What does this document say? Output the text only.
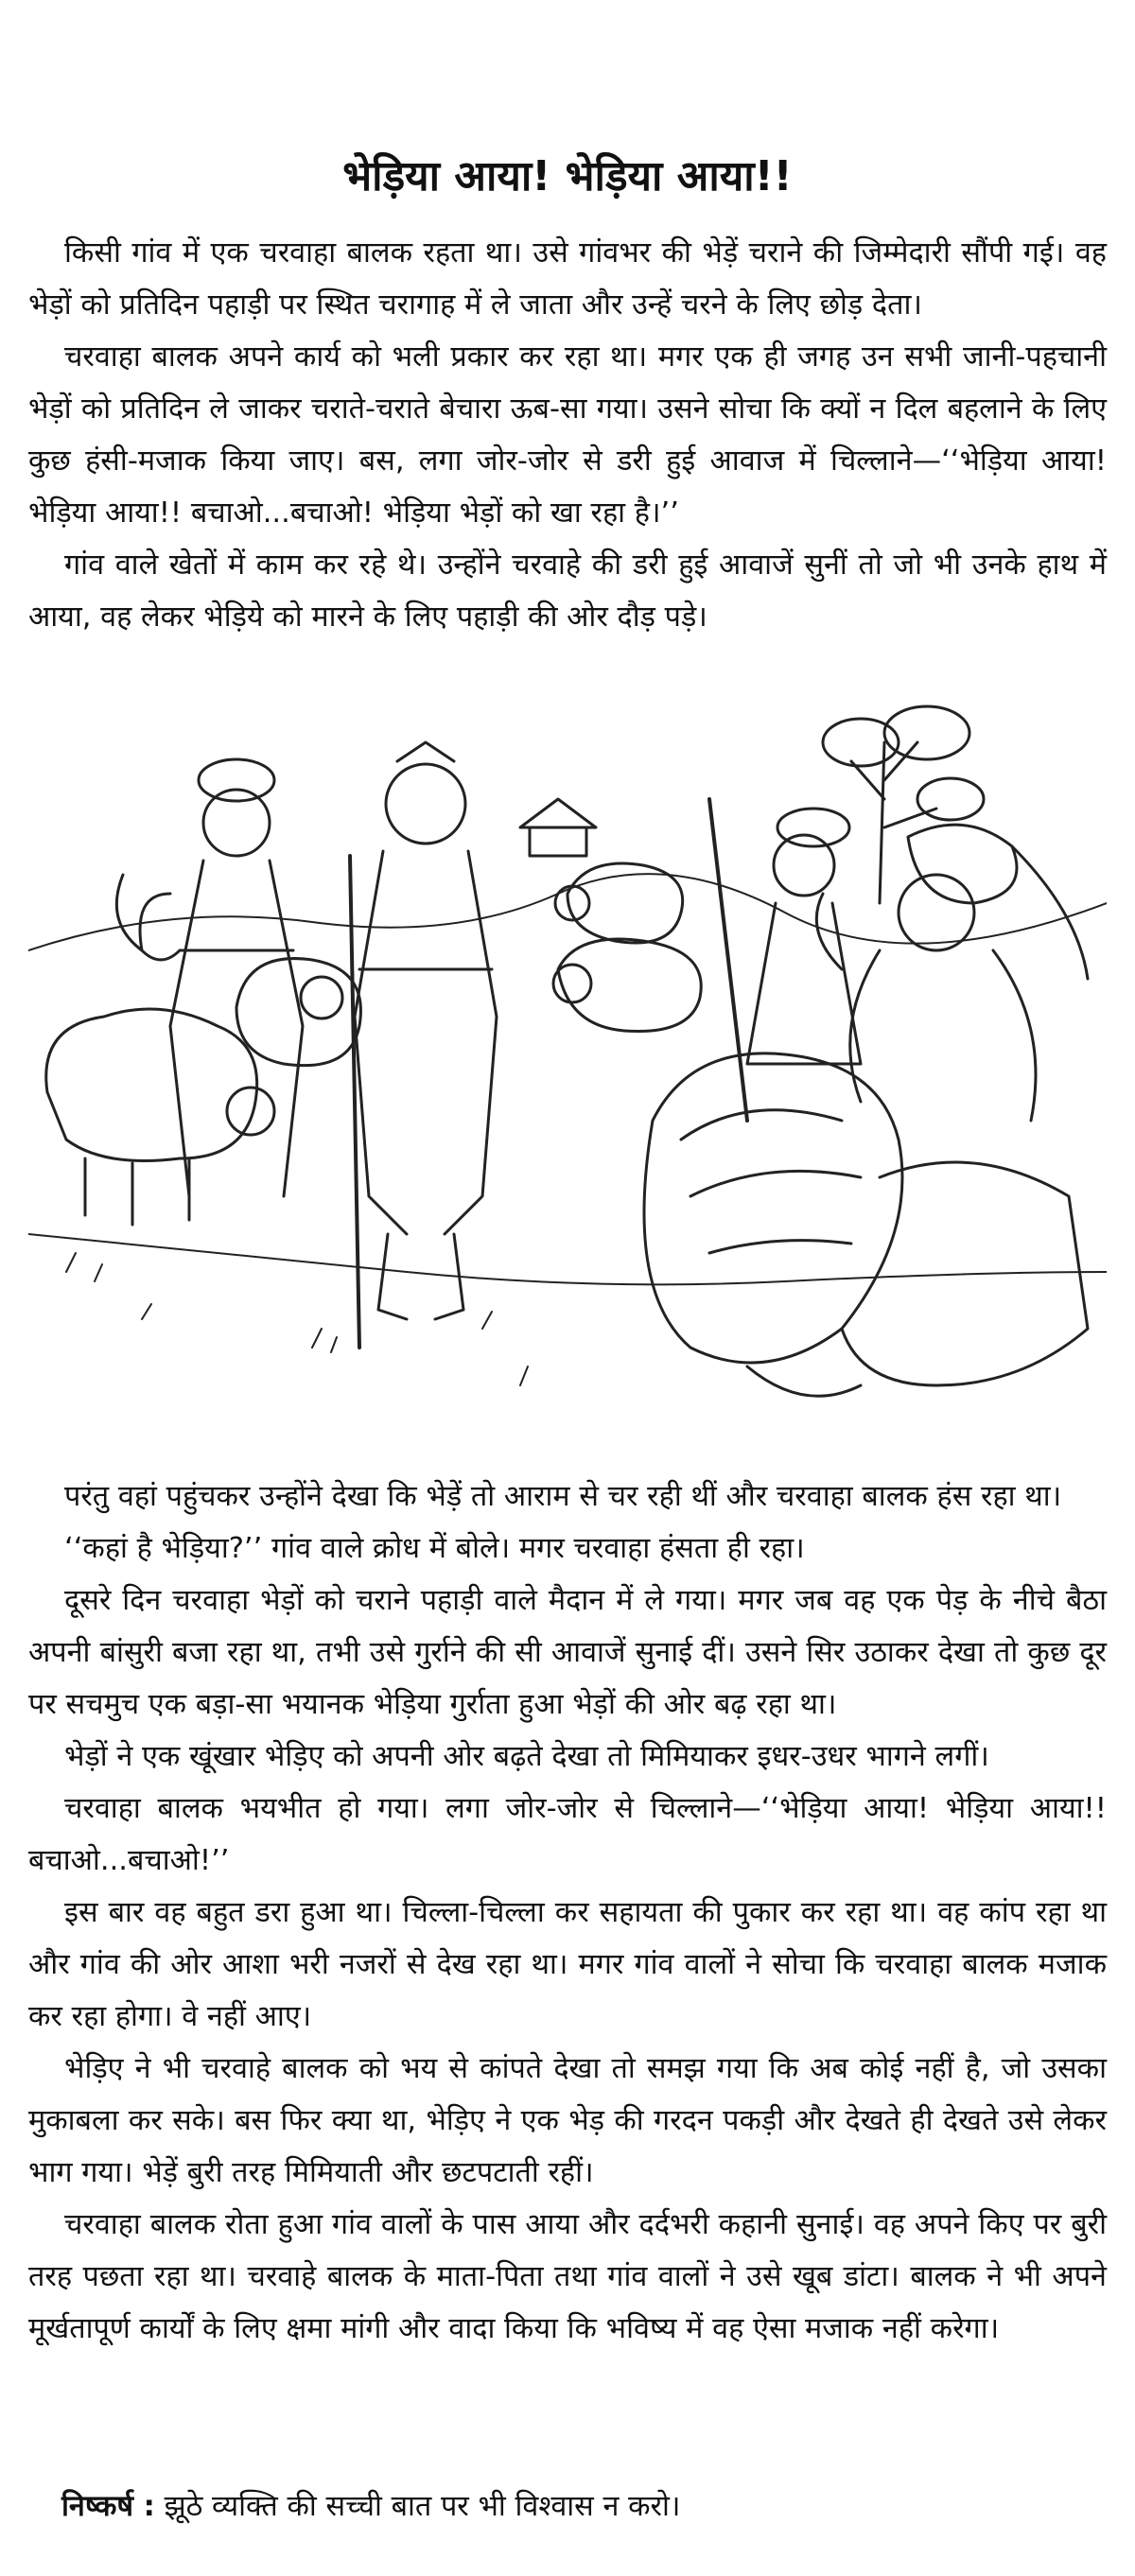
भेड़िया आया! भेड़िया आया!!

किसी गांव में एक चरवाहा बालक रहता था। उसे गांवभर की भेड़ें चराने की जिम्मेदारी सौंपी गई। वह भेड़ों को प्रतिदिन पहाड़ी पर स्थित चरागाह में ले जाता और उन्हें चरने के लिए छोड़ देता।

चरवाहा बालक अपने कार्य को भली प्रकार कर रहा था। मगर एक ही जगह उन सभी जानी-पहचानी भेड़ों को प्रतिदिन ले जाकर चराते-चराते बेचारा ऊब-सा गया। उसने सोचा कि क्यों न दिल बहलाने के लिए कुछ हंसी-मजाक किया जाए। बस, लगा जोर-जोर से डरी हुई आवाज में चिल्लाने—‘‘भेड़िया आया! भेड़िया आया!! बचाओ...बचाओ! भेड़िया भेड़ों को खा रहा है।’’

गांव वाले खेतों में काम कर रहे थे। उन्होंने चरवाहे की डरी हुई आवाजें सुनीं तो जो भी उनके हाथ में आया, वह लेकर भेड़िये को मारने के लिए पहाड़ी की ओर दौड़ पड़े।

परंतु वहां पहुंचकर उन्होंने देखा कि भेड़ें तो आराम से चर रही थीं और चरवाहा बालक हंस रहा था।

‘‘कहां है भेड़िया?’’ गांव वाले क्रोध में बोले। मगर चरवाहा हंसता ही रहा।

दूसरे दिन चरवाहा भेड़ों को चराने पहाड़ी वाले मैदान में ले गया। मगर जब वह एक पेड़ के नीचे बैठा अपनी बांसुरी बजा रहा था, तभी उसे गुर्राने की सी आवाजें सुनाई दीं। उसने सिर उठाकर देखा तो कुछ दूर पर सचमुच एक बड़ा-सा भयानक भेड़िया गुर्राता हुआ भेड़ों की ओर बढ़ रहा था।

भेड़ों ने एक खूंखार भेड़िए को अपनी ओर बढ़ते देखा तो मिमियाकर इधर-उधर भागने लगीं।

चरवाहा बालक भयभीत हो गया। लगा जोर-जोर से चिल्लाने—‘‘भेड़िया आया! भेड़िया आया!! बचाओ...बचाओ!’’

इस बार वह बहुत डरा हुआ था। चिल्ला-चिल्ला कर सहायता की पुकार कर रहा था। वह कांप रहा था और गांव की ओर आशा भरी नजरों से देख रहा था। मगर गांव वालों ने सोचा कि चरवाहा बालक मजाक कर रहा होगा। वे नहीं आए।

भेड़िए ने भी चरवाहे बालक को भय से कांपते देखा तो समझ गया कि अब कोई नहीं है, जो उसका मुकाबला कर सके। बस फिर क्या था, भेड़िए ने एक भेड़ की गरदन पकड़ी और देखते ही देखते उसे लेकर भाग गया। भेड़ें बुरी तरह मिमियाती और छटपटाती रहीं।

चरवाहा बालक रोता हुआ गांव वालों के पास आया और दर्दभरी कहानी सुनाई। वह अपने किए पर बुरी तरह पछता रहा था। चरवाहे बालक के माता-पिता तथा गांव वालों ने उसे खूब डांटा। बालक ने भी अपने मूर्खतापूर्ण कार्यों के लिए क्षमा मांगी और वादा किया कि भविष्य में वह ऐसा मजाक नहीं करेगा।

निष्कर्ष : झूठे व्यक्ति की सच्ची बात पर भी विश्वास न करो।
